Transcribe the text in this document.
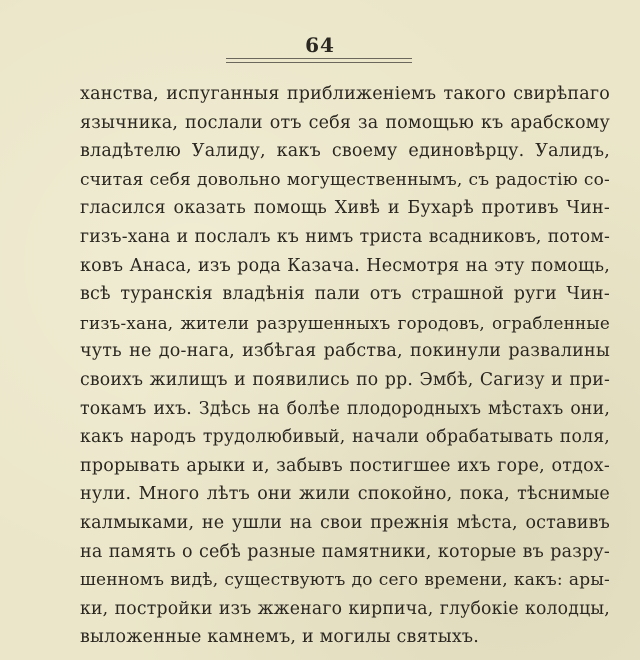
64
ханства, испуганныя приближеніемъ такого свирѣпаго
язычника, послали отъ себя за помощью къ арабскому
владѣтелю Уалиду, какъ своему единовѣрцу. Уалидъ,
считая себя довольно могущественнымъ, съ радостію со-
гласился оказать помощь Хивѣ и Бухарѣ противъ Чин-
гизъ-хана и послалъ къ нимъ триста всадниковъ, потом-
ковъ Анаса, изъ рода Казача. Несмотря на эту помощь,
всѣ туранскія владѣнія пали отъ страшной руги Чин-
гизъ-хана, жители разрушенныхъ городовъ, ограбленные
чуть не до-нага, избѣгая рабства, покинули развалины
своихъ жилищъ и появились по рр. Эмбѣ, Сагизу и при-
токамъ ихъ. Здѣсь на болѣе плодородныхъ мѣстахъ они,
какъ народъ трудолюбивый, начали обрабатывать поля,
прорывать арыки и, забывъ постигшее ихъ горе, отдох-
нули. Много лѣтъ они жили спокойно, пока, тѣснимые
калмыками, не ушли на свои прежнія мѣста, оставивъ
на память о себѣ разные памятники, которые въ разру-
шенномъ видѣ, существуютъ до сего времени, какъ: ары-
ки, постройки изъ жженаго кирпича, глубокіе колодцы,
выложенные камнемъ, и могилы святыхъ.
